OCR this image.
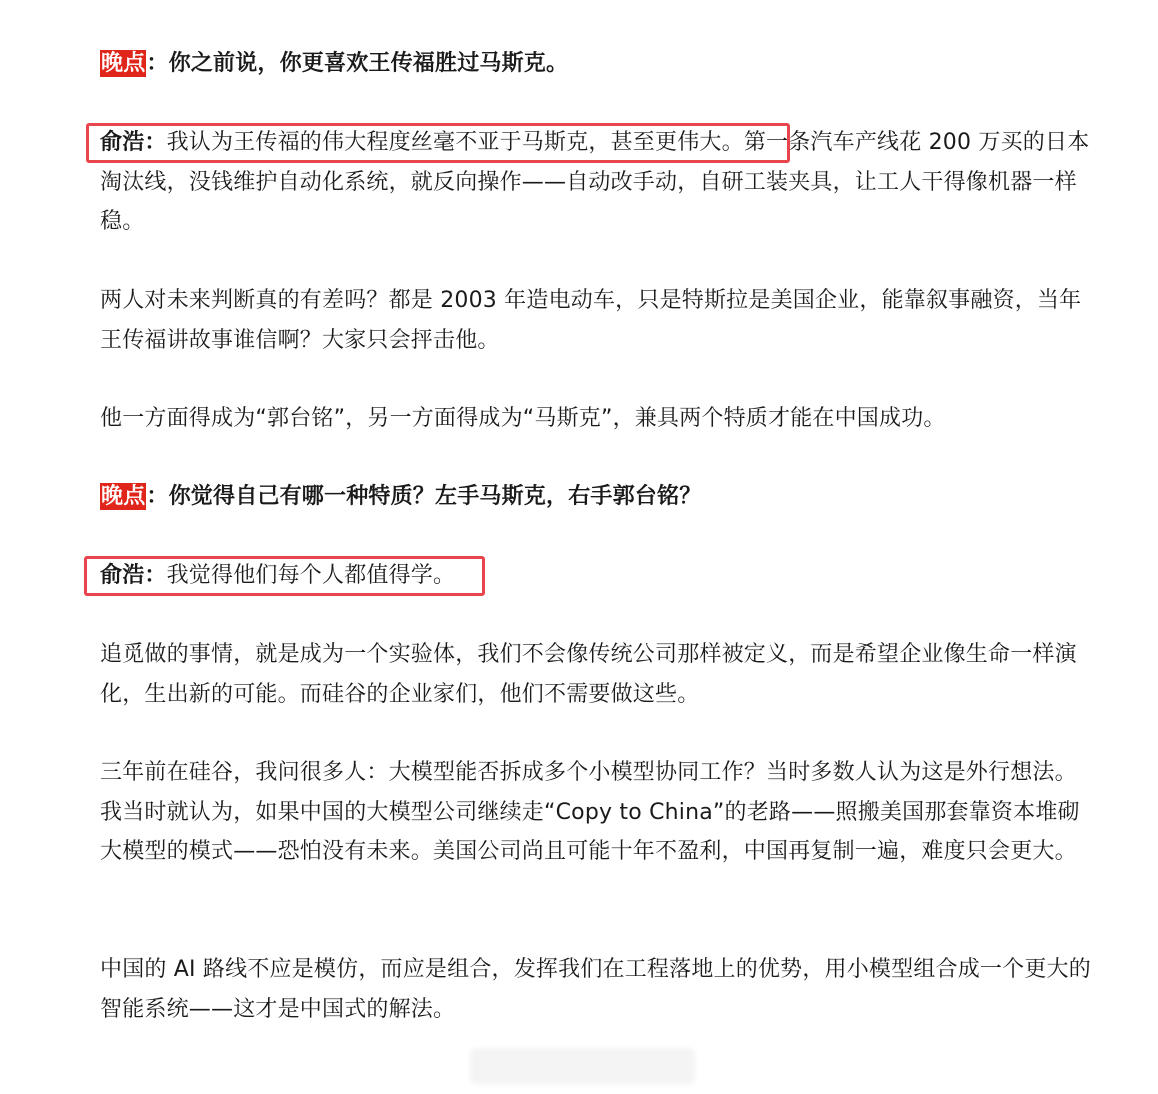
晚点：你之前说，你更喜欢王传福胜过马斯克。

俞浩：我认为王传福的伟大程度丝毫不亚于马斯克，甚至更伟大。第一条汽车产线花 200 万买的日本淘汰线，没钱维护自动化系统，就反向操作——自动改手动，自研工装夹具，让工人干得像机器一样稳。

两人对未来判断真的有差吗？都是 2003 年造电动车，只是特斯拉是美国企业，能靠叙事融资，当年王传福讲故事谁信啊？大家只会抨击他。

他一方面得成为“郭台铭”，另一方面得成为“马斯克”，兼具两个特质才能在中国成功。

晚点：你觉得自己有哪一种特质？左手马斯克，右手郭台铭？

俞浩：我觉得他们每个人都值得学。

追觅做的事情，就是成为一个实验体，我们不会像传统公司那样被定义，而是希望企业像生命一样演化，生出新的可能。而硅谷的企业家们，他们不需要做这些。

三年前在硅谷，我问很多人：大模型能否拆成多个小模型协同工作？当时多数人认为这是外行想法。我当时就认为，如果中国的大模型公司继续走“Copy to China”的老路——照搬美国那套靠资本堆砌大模型的模式——恐怕没有未来。美国公司尚且可能十年不盈利，中国再复制一遍，难度只会更大。

中国的 AI 路线不应是模仿，而应是组合，发挥我们在工程落地上的优势，用小模型组合成一个更大的智能系统——这才是中国式的解法。
